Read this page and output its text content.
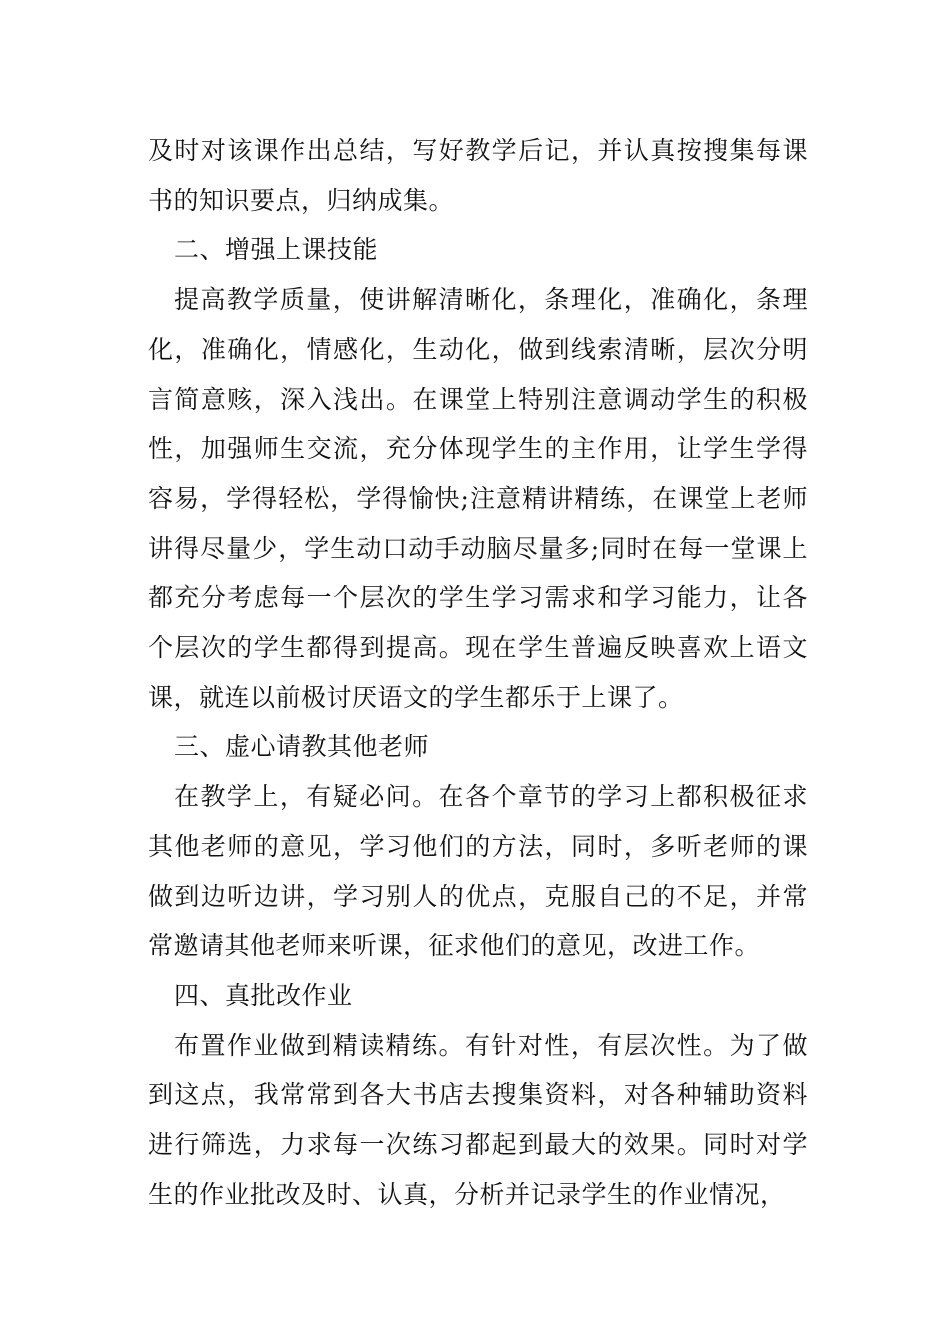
及时对该课作出总结，写好教学后记，并认真按搜集每课书的知识要点，归纳成集。

二、增强上课技能

提高教学质量，使讲解清晰化，条理化，准确化，条理化，准确化，情感化，生动化，做到线索清晰，层次分明言简意赅，深入浅出。在课堂上特别注意调动学生的积极性，加强师生交流，充分体现学生的主作用，让学生学得容易，学得轻松，学得愉快;注意精讲精练，在课堂上老师讲得尽量少，学生动口动手动脑尽量多;同时在每一堂课上都充分考虑每一个层次的学生学习需求和学习能力，让各个层次的学生都得到提高。现在学生普遍反映喜欢上语文课，就连以前极讨厌语文的学生都乐于上课了。

三、虚心请教其他老师

在教学上，有疑必问。在各个章节的学习上都积极征求其他老师的意见，学习他们的方法，同时，多听老师的课做到边听边讲，学习别人的优点，克服自己的不足，并常常邀请其他老师来听课，征求他们的意见，改进工作。

四、真批改作业

布置作业做到精读精练。有针对性，有层次性。为了做到这点，我常常到各大书店去搜集资料，对各种辅助资料进行筛选，力求每一次练习都起到最大的效果。同时对学生的作业批改及时、认真，分析并记录学生的作业情况，
